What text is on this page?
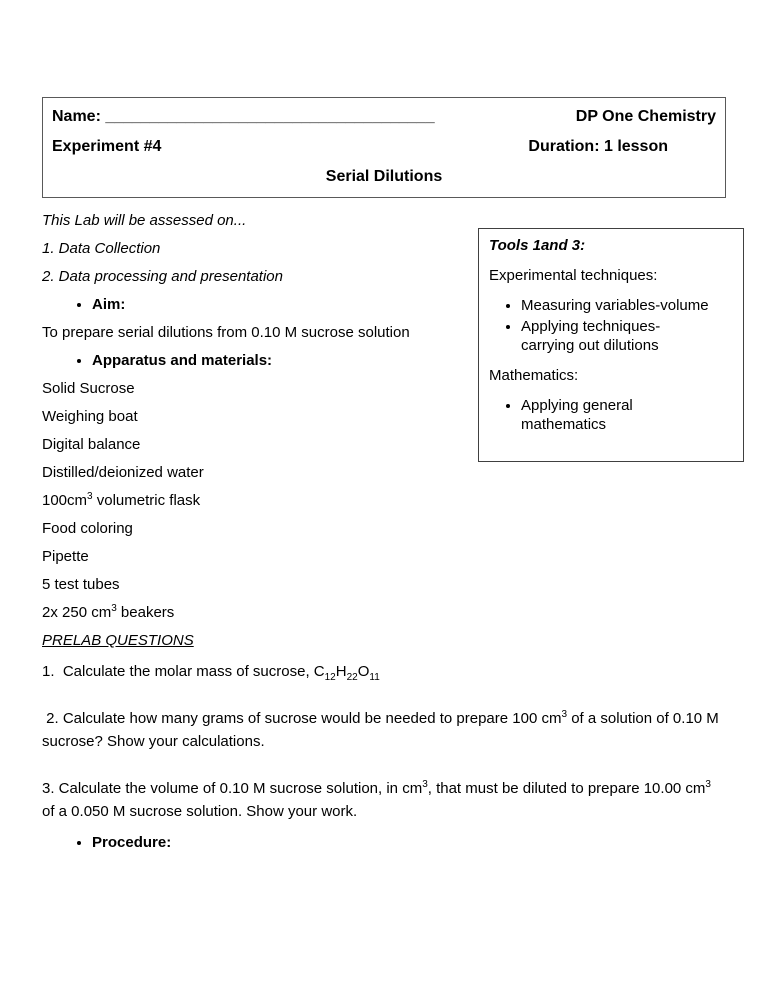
Name: _____________________________________	DP One Chemistry
Experiment #4	Duration: 1 lesson
Serial Dilutions

Tools 1and 3:

Experimental techniques:

• Measuring variables-volume
• Applying techniques-
carrying out dilutions

Mathematics:

• Applying general
mathematics

This Lab will be assessed on...

1. Data Collection

2. Data processing and presentation

• Aim:

To prepare serial dilutions from 0.10 M sucrose solution

• Apparatus and materials:

Solid Sucrose

Weighing boat

Digital balance

Distilled/deionized water

$100cm^3$ volumetric flask

Food coloring

Pipette

5 test tubes

2x 250 $cm^3$ beakers

PRELAB QUESTIONS

1.  Calculate the molar mass of sucrose, $C_{12}H_{22}O_{11}$

2. Calculate how many grams of sucrose would be needed to prepare 100 $cm^3$ of a solution of 0.10 M sucrose? Show your calculations.

3. Calculate the volume of 0.10 M sucrose solution, in $cm^3$, that must be diluted to prepare 10.00 $cm^3$ of a 0.050 M sucrose solution. Show your work.

• Procedure:
